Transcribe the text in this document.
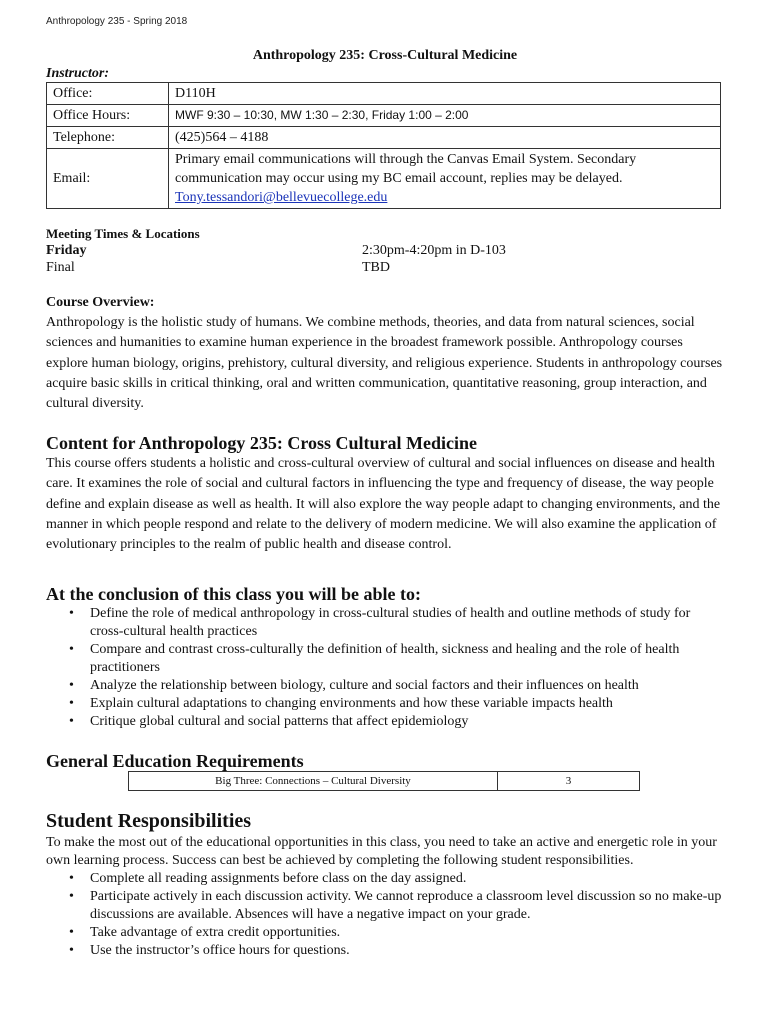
Anthropology 235 - Spring 2018
Anthropology 235: Cross-Cultural Medicine
Instructor:
Office:	D110H
Office Hours:	MWF 9:30 – 10:30, MW 1:30 – 2:30, Friday 1:00 – 2:00
Telephone:	(425)564 – 4188
Email:	Primary email communications will through the Canvas Email System. Secondary
communication may occur using my BC email account, replies may be delayed.
Tony.tessandori@bellevuecollege.edu
Meeting Times & Locations
Friday	2:30pm-4:20pm in D-103
Final	TBD
Course Overview:

Anthropology is the holistic study of humans. We combine methods, theories, and data from natural sciences, social sciences and humanities to examine human experience in the broadest framework possible. Anthropology courses explore human biology, origins, prehistory, cultural diversity, and religious experience. Students in anthropology courses acquire basic skills in critical thinking, oral and written communication, quantitative reasoning, group interaction, and cultural diversity.

Content for Anthropology 235: Cross Cultural Medicine

This course offers students a holistic and cross-cultural overview of cultural and social influences on disease and health care. It examines the role of social and cultural factors in influencing the type and frequency of disease, the way people define and explain disease as well as health. It will also explore the way people adapt to changing environments, and the manner in which people respond and relate to the delivery of modern medicine. We will also examine the application of evolutionary principles to the realm of public health and disease control.

At the conclusion of this class you will be able to:
• Define the role of medical anthropology in cross-cultural studies of health and outline methods of study for cross-cultural health practices
• Compare and contrast cross-culturally the definition of health, sickness and healing and the role of health practitioners
• Analyze the relationship between biology, culture and social factors and their influences on health
• Explain cultural adaptations to changing environments and how these variable impacts health
• Critique global cultural and social patterns that affect epidemiology
General Education Requirements
Big Three: Connections – Cultural Diversity	3
Student Responsibilities

To make the most out of the educational opportunities in this class, you need to take an active and energetic role in your own learning process. Success can best be achieved by completing the following student responsibilities.

• Complete all reading assignments before class on the day assigned.
• Participate actively in each discussion activity. We cannot reproduce a classroom level discussion so no make-up discussions are available. Absences will have a negative impact on your grade.
• Take advantage of extra credit opportunities.
• Use the instructor’s office hours for questions.
